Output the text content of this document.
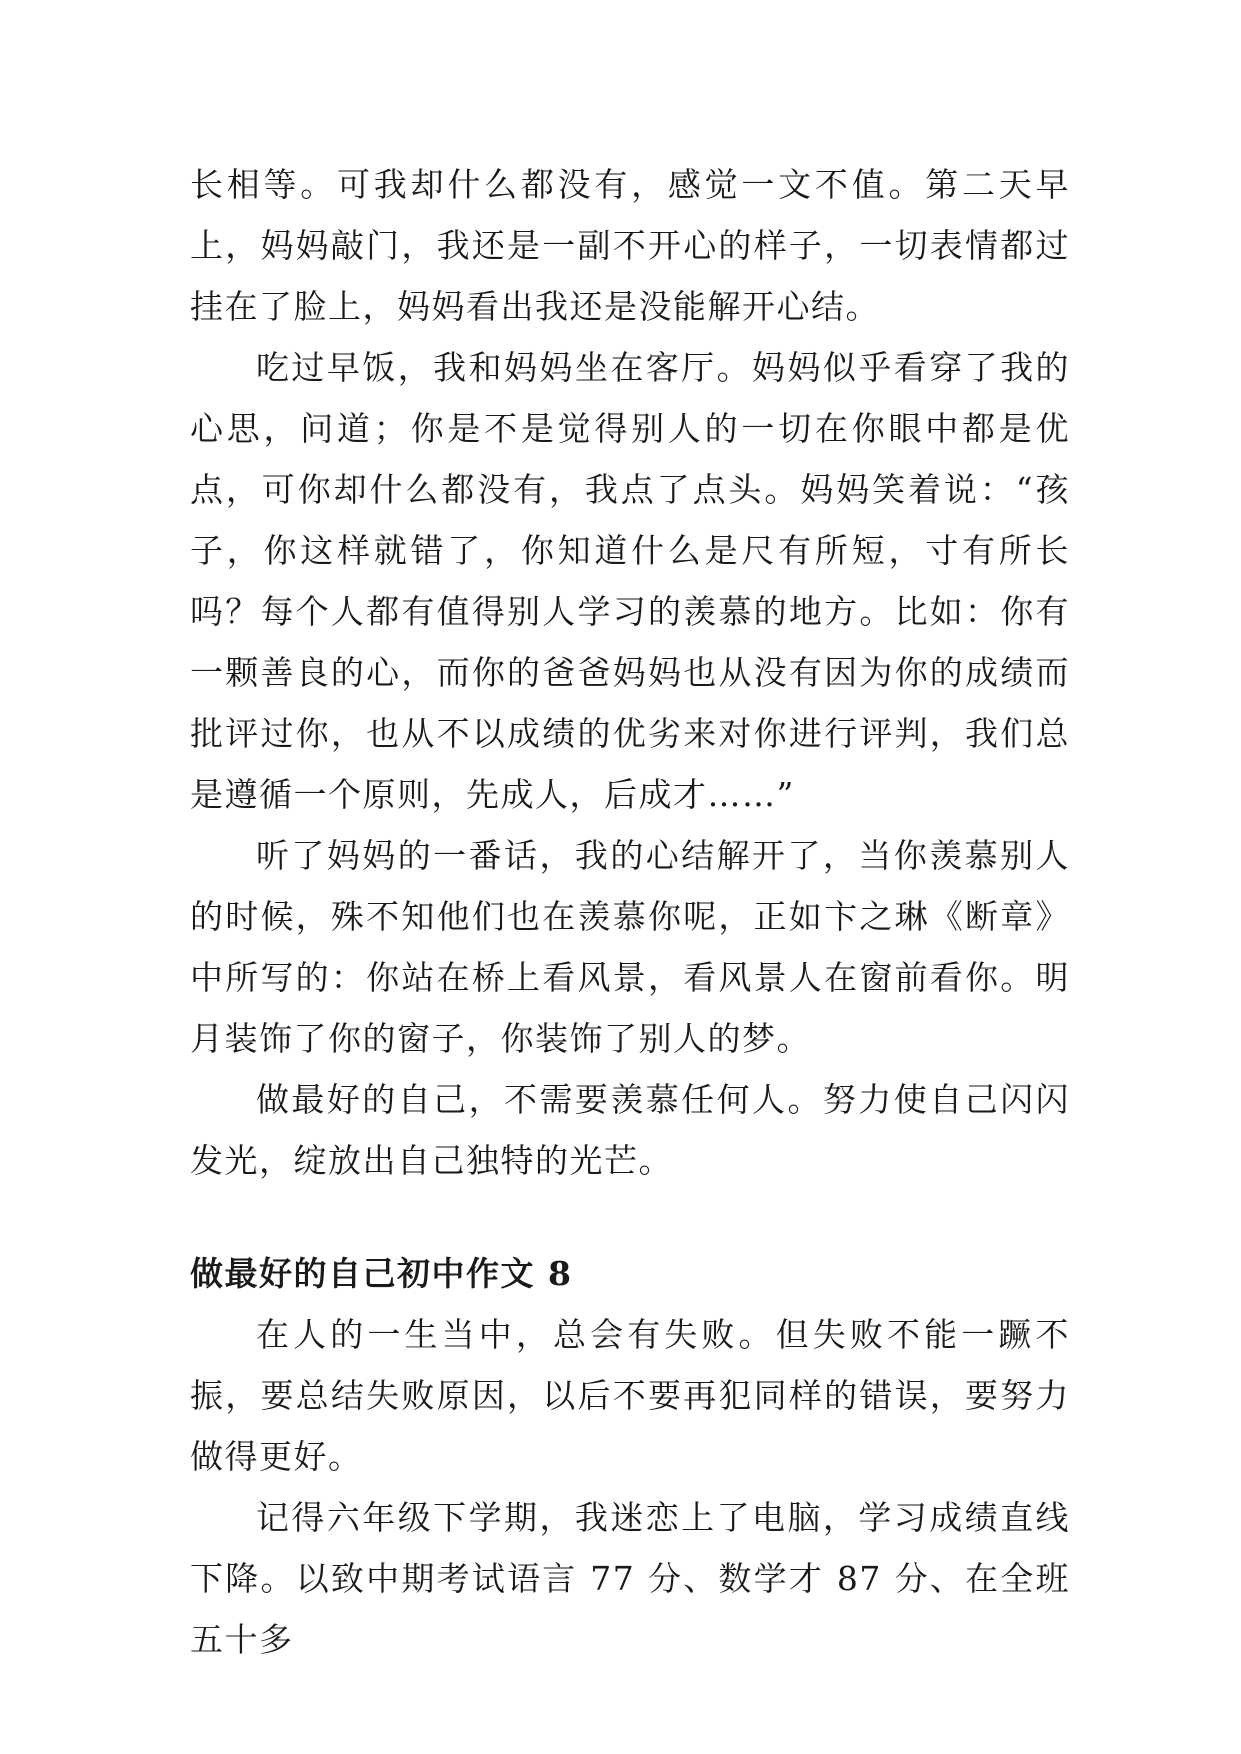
长相等。可我却什么都没有，感觉一文不值。第二天早上，妈妈敲门，我还是一副不开心的样子，一切表情都过挂在了脸上，妈妈看出我还是没能解开心结。

吃过早饭，我和妈妈坐在客厅。妈妈似乎看穿了我的心思，问道；你是不是觉得别人的一切在你眼中都是优点，可你却什么都没有，我点了点头。妈妈笑着说：“孩子，你这样就错了，你知道什么是尺有所短，寸有所长吗？每个人都有值得别人学习的羡慕的地方。比如：你有一颗善良的心，而你的爸爸妈妈也从没有因为你的成绩而批评过你，也从不以成绩的优劣来对你进行评判，我们总是遵循一个原则，先成人，后成才……”

听了妈妈的一番话，我的心结解开了，当你羡慕别人的时候，殊不知他们也在羡慕你呢，正如卞之琳《断章》中所写的：你站在桥上看风景，看风景人在窗前看你。明月装饰了你的窗子，你装饰了别人的梦。

做最好的自己，不需要羡慕任何人。努力使自己闪闪发光，绽放出自己独特的光芒。

做最好的自己初中作文 8

在人的一生当中，总会有失败。但失败不能一蹶不振，要总结失败原因，以后不要再犯同样的错误，要努力做得更好。

记得六年级下学期，我迷恋上了电脑，学习成绩直线下降。以致中期考试语言 77 分、数学才 87 分、在全班五十多
